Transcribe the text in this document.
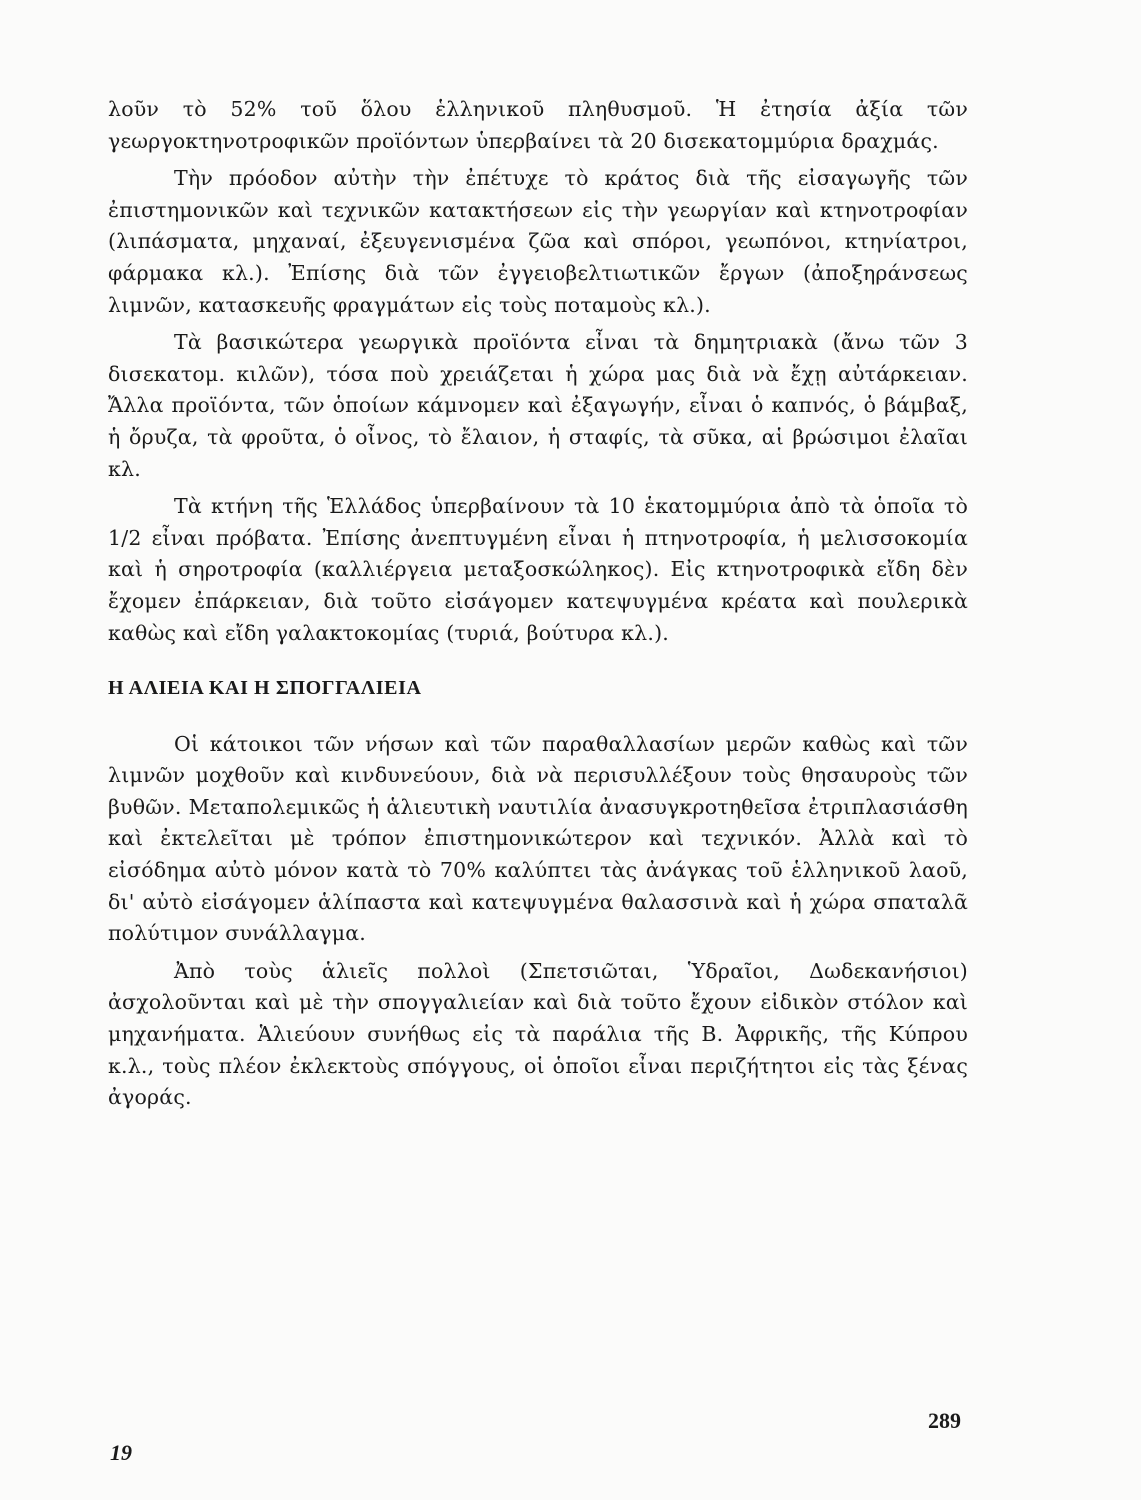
λοῦν τὸ 52% τοῦ ὅλου ἑλληνικοῦ πληθυσμοῦ. Ἡ ἐτησία ἀξία τῶν γεωργοκτηνοτροφικῶν προϊόντων ὑπερβαίνει τὰ 20 δισεκατομμύρια δραχμάς.

Τὴν πρόοδον αὐτὴν τὴν ἐπέτυχε τὸ κράτος διὰ τῆς εἰσαγωγῆς τῶν ἐπιστημονικῶν καὶ τεχνικῶν κατακτήσεων εἰς τὴν γεωργίαν καὶ κτηνοτροφίαν (λιπάσματα, μηχαναί, ἐξευγενισμένα ζῶα καὶ σπόροι, γεωπόνοι, κτηνίατροι, φάρμακα κλ.). Ἐπίσης διὰ τῶν ἐγγειοβελτιωτικῶν ἔργων (ἀποξηράνσεως λιμνῶν, κατασκευῆς φραγμάτων εἰς τοὺς ποταμοὺς κλ.).

Τὰ βασικώτερα γεωργικὰ προϊόντα εἶναι τὰ δημητριακὰ (ἄνω τῶν 3 δισεκατομ. κιλῶν), τόσα ποὺ χρειάζεται ἡ χώρα μας διὰ νὰ ἔχῃ αὐτάρκειαν. Ἄλλα προϊόντα, τῶν ὁποίων κάμνομεν καὶ ἐξαγωγήν, εἶναι ὁ καπνός, ὁ βάμβαξ, ἡ ὄρυζα, τὰ φροῦτα, ὁ οἶνος, τὸ ἔλαιον, ἡ σταφίς, τὰ σῦκα, αἱ βρώσιμοι ἐλαῖαι κλ.

Τὰ κτήνη τῆς Ἑλλάδος ὑπερβαίνουν τὰ 10 ἑκατομμύρια ἀπὸ τὰ ὁποῖα τὸ 1/2 εἶναι πρόβατα. Ἐπίσης ἀνεπτυγμένη εἶναι ἡ πτηνοτροφία, ἡ μελισσοκομία καὶ ἡ σηροτροφία (καλλιέργεια μεταξοσκώληκος). Εἰς κτηνοτροφικὰ εἴδη δὲν ἔχομεν ἐπάρκειαν, διὰ τοῦτο εἰσάγομεν κατεψυγμένα κρέατα καὶ πουλερικὰ καθὼς καὶ εἴδη γαλακτοκομίας (τυριά, βούτυρα κλ.).

Η ΑΛΙΕΙΑ ΚΑΙ Η ΣΠΟΓΓΑΛΙΕΙΑ

Οἱ κάτοικοι τῶν νήσων καὶ τῶν παραθαλλασίων μερῶν καθὼς καὶ τῶν λιμνῶν μοχθοῦν καὶ κινδυνεύουν, διὰ νὰ περισυλλέξουν τοὺς θησαυροὺς τῶν βυθῶν. Μεταπολεμικῶς ἡ ἁλιευτικὴ ναυτιλία ἀνασυγκροτηθεῖσα ἐτριπλασιάσθη καὶ ἐκτελεῖται μὲ τρόπον ἐπιστημονικώτερον καὶ τεχνικόν. Ἀλλὰ καὶ τὸ εἰσόδημα αὐτὸ μόνον κατὰ τὸ 70% καλύπτει τὰς ἀνάγκας τοῦ ἑλληνικοῦ λαοῦ, δι' αὐτὸ εἰσάγομεν ἁλίπαστα καὶ κατεψυγμένα θαλασσινὰ καὶ ἡ χώρα σπαταλᾶ πολύτιμον συνάλλαγμα.

Ἀπὸ τοὺς ἁλιεῖς πολλοὶ (Σπετσιῶται, Ὑδραῖοι, Δωδεκανήσιοι) ἀσχολοῦνται καὶ μὲ τὴν σπογγαλιείαν καὶ διὰ τοῦτο ἔχουν εἰδικὸν στόλον καὶ μηχανήματα. Ἁλιεύουν συνήθως εἰς τὰ παράλια τῆς Β. Ἀφρικῆς, τῆς Κύπρου κ.λ., τοὺς πλέον ἐκλεκτοὺς σπόγγους, οἱ ὁποῖοι εἶναι περιζήτητοι εἰς τὰς ξένας ἀγοράς.

289
19
